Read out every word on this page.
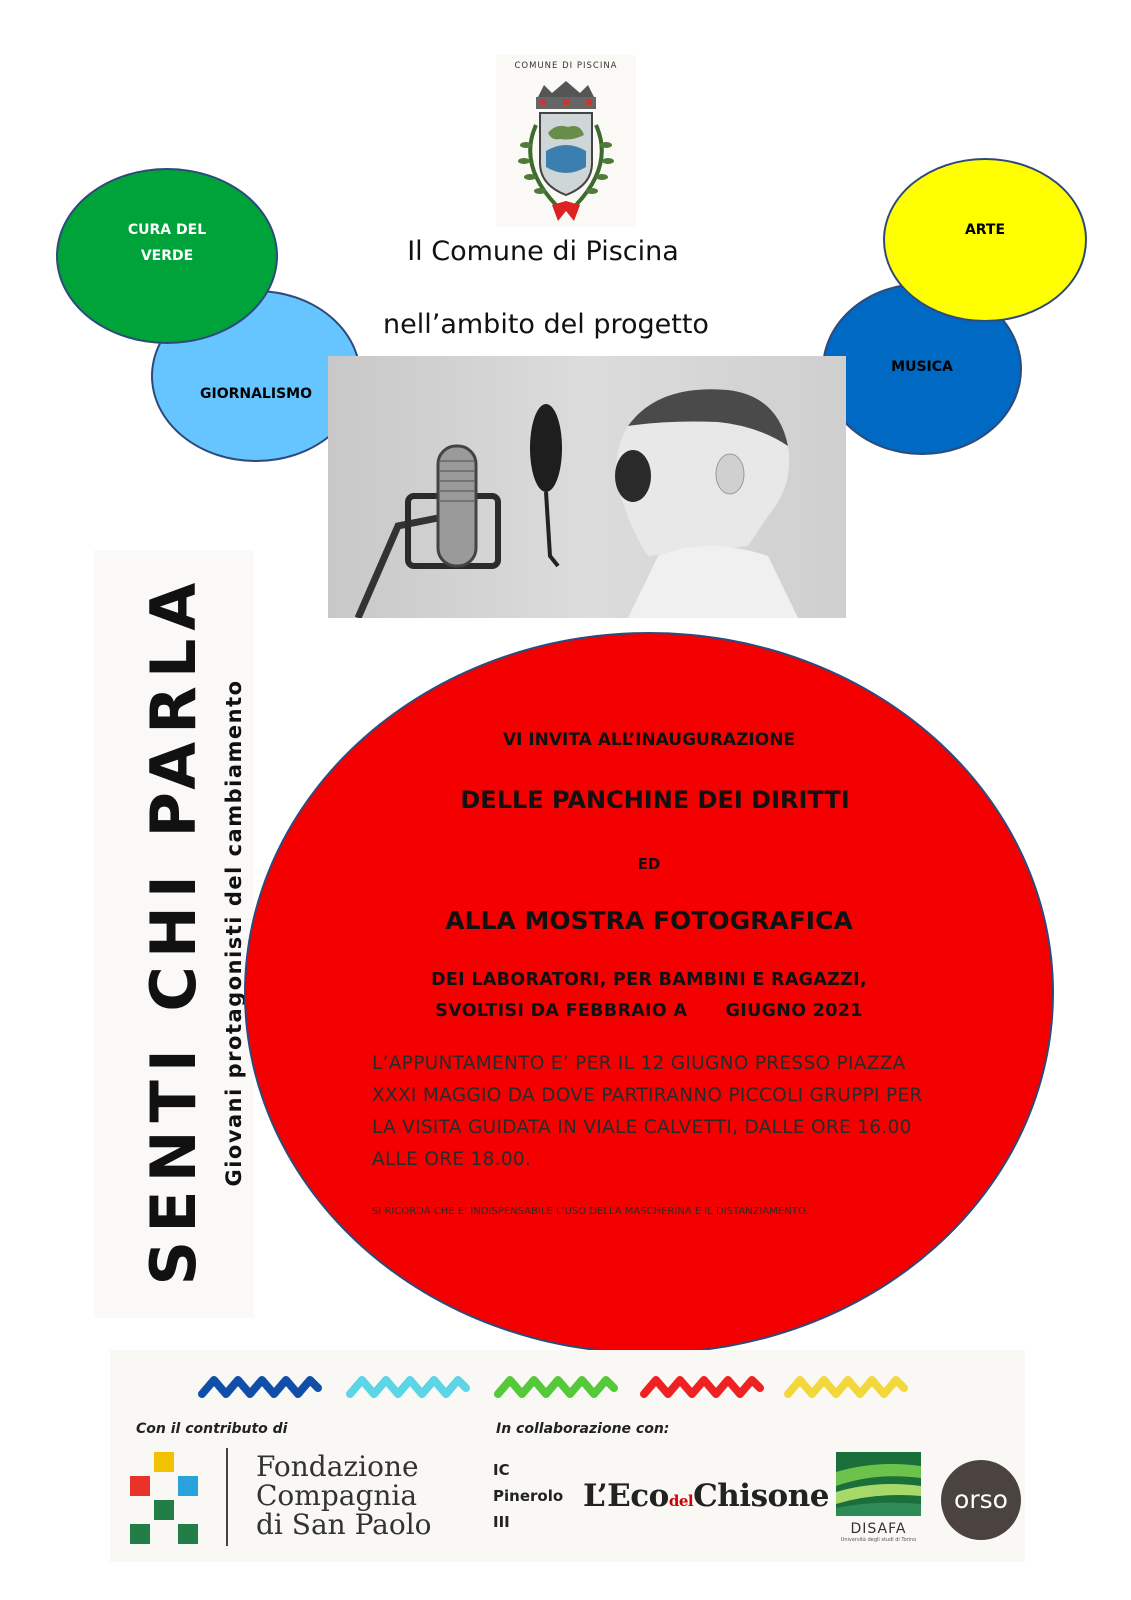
COMUNE DI PISCINA
Il Comune di Piscina
nell’ambito del progetto
GIORNALISMO
CURA DEL
VERDE
MUSICA
ARTE
SENTI CHI PARLA Giovani protagonisti del cambiamento	VI INVITA ALL’INAUGURAZIONE
DELLE PANCHINE DEI DIRITTI
ED
ALLA MOSTRA FOTOGRAFICA
DEI LABORATORI, PER BAMBINI E RAGAZZI,
SVOLTISI DA FEBBRAIO A      GIUGNO 2021
L’APPUNTAMENTO E’ PER IL 12 GIUGNO PRESSO PIAZZA
XXXI MAGGIO DA DOVE PARTIRANNO PICCOLI GRUPPI PER
LA VISITA GUIDATA IN VIALE CALVETTI, DALLE ORE 16.00
ALLE ORE 18.00.
SI RICORDA CHE E’ INDISPENSABILE L’USO DELLA MASCHERINA E IL DISTANZIAMENTO.
Con il contributo di	In collaborazione con:
Fondazione
Compagnia
di San Paolo
IC
Pinerolo
III
L’EcodelChisone
DISAFA
Università degli studi di Torino
orso
